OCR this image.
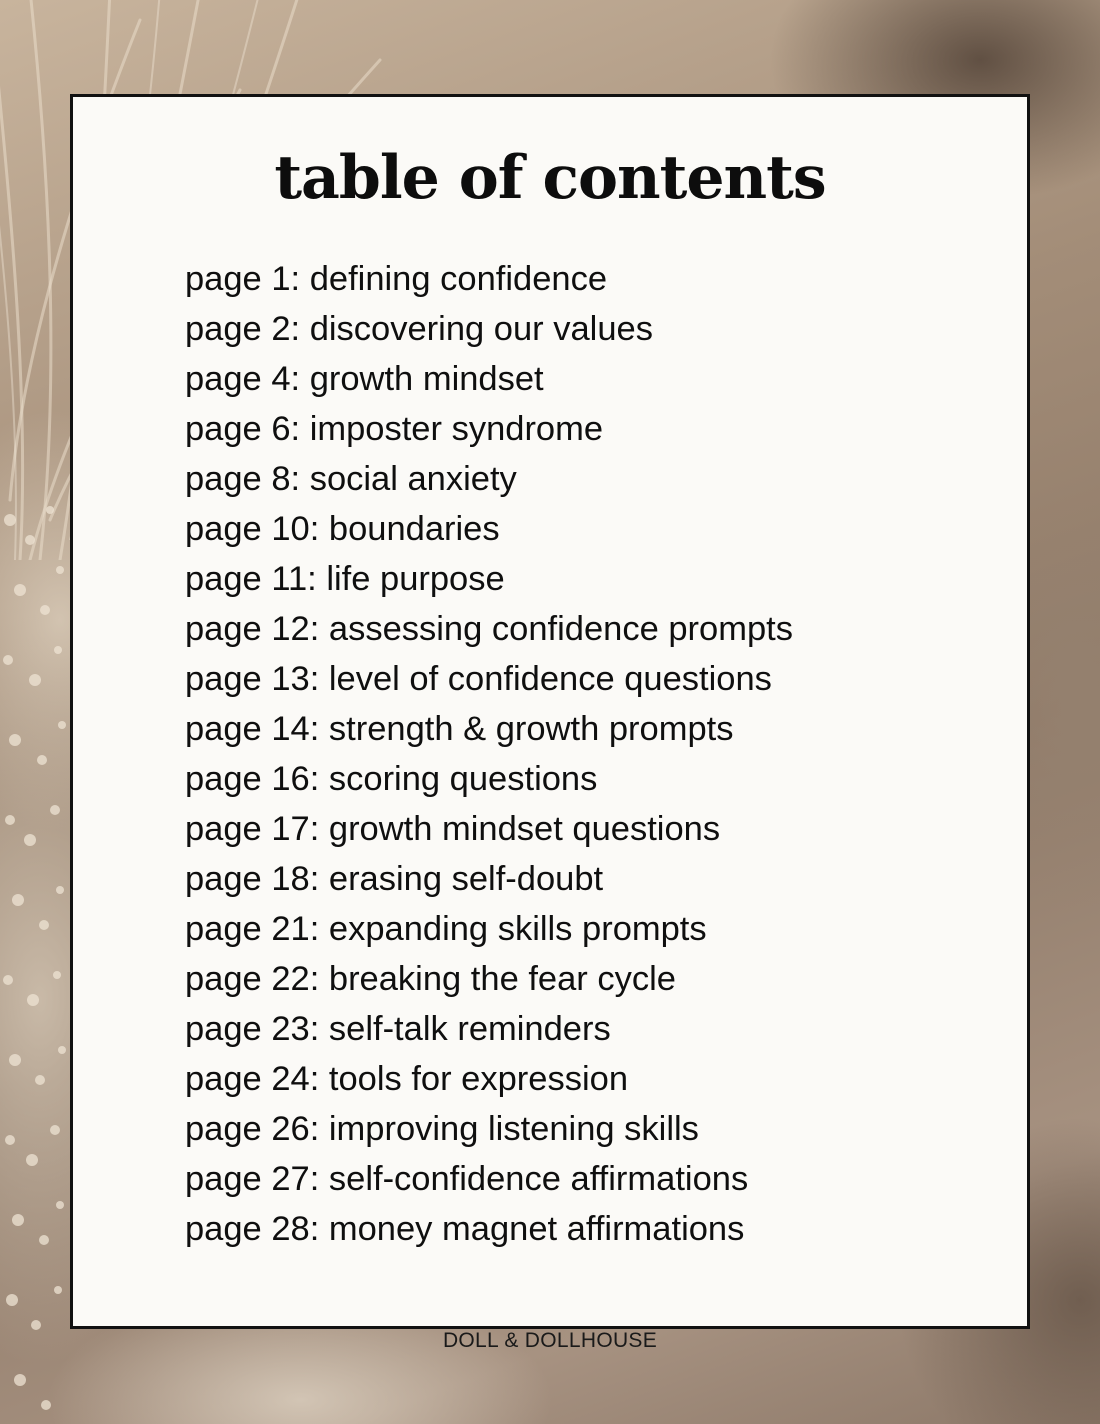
table of contents
page 1: defining confidence
page 2: discovering our values
page 4: growth mindset
page 6: imposter syndrome
page 8: social anxiety
page 10: boundaries
page 11: life purpose
page 12: assessing confidence prompts
page 13: level of confidence questions
page 14: strength & growth prompts
page 16: scoring questions
page 17: growth mindset questions
page 18: erasing self-doubt
page 21: expanding skills prompts
page 22: breaking the fear cycle
page 23: self-talk reminders
page 24: tools for expression
page 26: improving listening skills
page 27: self-confidence affirmations
page 28: money magnet affirmations
DOLL & DOLLHOUSE
